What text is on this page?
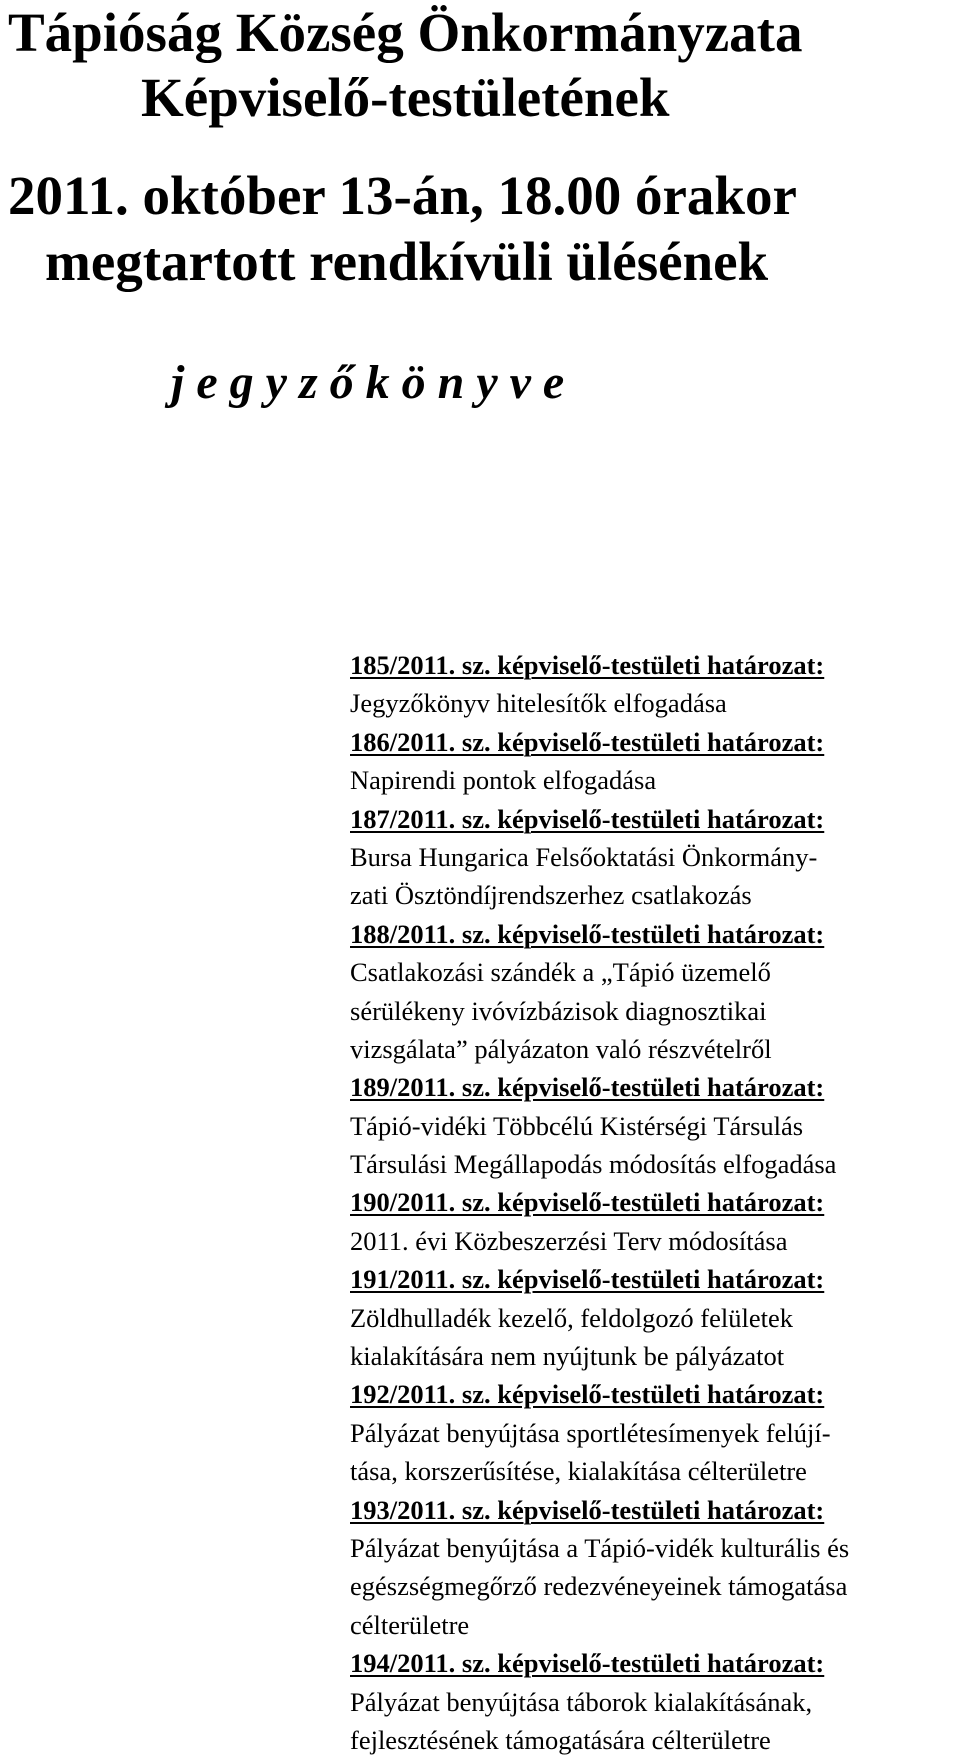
Tápióság Község Önkormányzata
Képviselő-testületének
2011. október 13-án, 18.00 órakor
megtartott rendkívüli ülésének
j e g y z ő k ö n y v e
185/2011. sz. képviselő-testületi határozat:
Jegyzőkönyv hitelesítők elfogadása
186/2011. sz. képviselő-testületi határozat:
Napirendi pontok elfogadása
187/2011. sz. képviselő-testületi határozat:
Bursa Hungarica Felsőoktatási Önkormány-
zati Ösztöndíjrendszerhez csatlakozás
188/2011. sz. képviselő-testületi határozat:
Csatlakozási szándék a „Tápió üzemelő
sérülékeny ivóvízbázisok diagnosztikai
vizsgálata” pályázaton való részvételről
189/2011. sz. képviselő-testületi határozat:
Tápió-vidéki Többcélú Kistérségi Társulás
Társulási Megállapodás módosítás elfogadása
190/2011. sz. képviselő-testületi határozat:
2011. évi Közbeszerzési Terv módosítása
191/2011. sz. képviselő-testületi határozat:
Zöldhulladék kezelő, feldolgozó felületek
kialakítására nem nyújtunk be pályázatot
192/2011. sz. képviselő-testületi határozat:
Pályázat benyújtása sportlétesímenyek felújí-
tása, korszerűsítése, kialakítása célterületre
193/2011. sz. képviselő-testületi határozat:
Pályázat benyújtása a Tápió-vidék kulturális és
egészségmegőrző redezvéneyeinek támogatása
célterületre
194/2011. sz. képviselő-testületi határozat:
Pályázat benyújtása táborok kialakításának,
fejlesztésének támogatására célterületre
